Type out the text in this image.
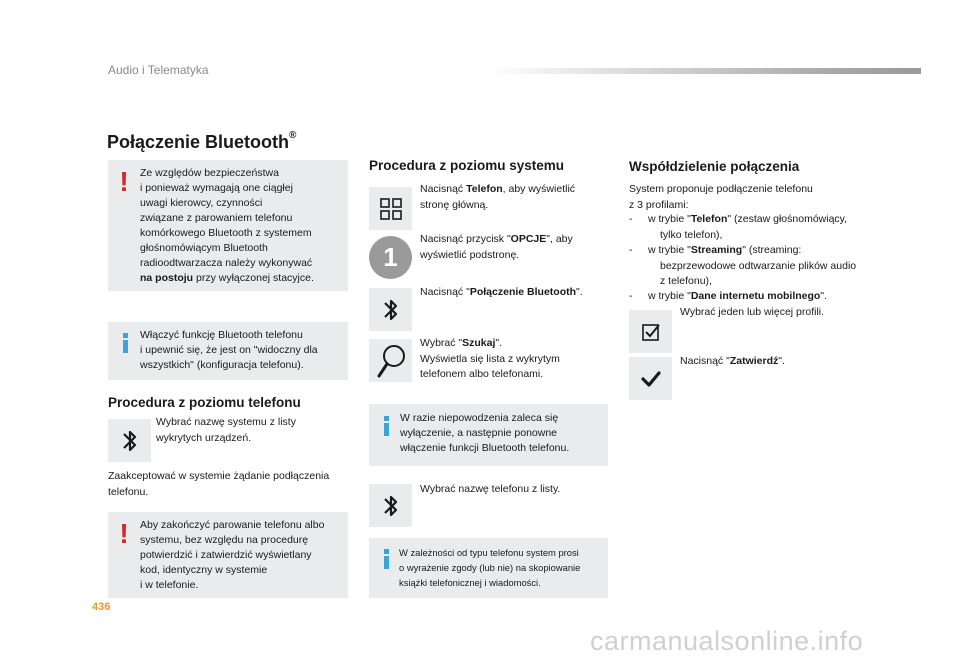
Audio i Telematyka
Połączenie Bluetooth®
! Ze względów bezpieczeństwa
i ponieważ wymagają one ciągłej
uwagi kierowcy, czynności
związane z parowaniem telefonu
komórkowego Bluetooth z systemem
głośnomówiącym Bluetooth
radioodtwarzacza należy wykonywać
na postoju przy wyłączonej stacyjce.
Włączyć funkcję Bluetooth telefonu
i upewnić się, że jest on "widoczny dla
wszystkich" (konfiguracja telefonu).
Procedura z poziomu telefonu
Wybrać nazwę systemu z listy
wykrytych urządzeń.
Zaakceptować w systemie żądanie podłączenia
telefonu.
! Aby zakończyć parowanie telefonu albo
systemu, bez względu na procedurę
potwierdzić i zatwierdzić wyświetlany
kod, identyczny w systemie
i w telefonie.
Procedura z poziomu systemu
Nacisnąć Telefon, aby wyświetlić
stronę główną.
1
Nacisnąć przycisk "OPCJE", aby
wyświetlić podstronę.
Nacisnąć "Połączenie Bluetooth".
Wybrać "Szukaj".
Wyświetla się lista z wykrytym
telefonem albo telefonami.
W razie niepowodzenia zaleca się
wyłączenie, a następnie ponowne
włączenie funkcji Bluetooth telefonu.
Wybrać nazwę telefonu z listy.
W zależności od typu telefonu system prosi
o wyrażenie zgody (lub nie) na skopiowanie
książki telefonicznej i wiadomości.
Współdzielenie połączenia
System proponuje podłączenie telefonu
z 3 profilami:
- w trybie "Telefon" (zestaw głośnomówiący,
tylko telefon),
- w trybie "Streaming" (streaming:
bezprzewodowe odtwarzanie plików audio
z telefonu),
- w trybie "Dane internetu mobilnego".
Wybrać jeden lub więcej profili.
Nacisnąć "Zatwierdź".
436
carmanualsonline.info
